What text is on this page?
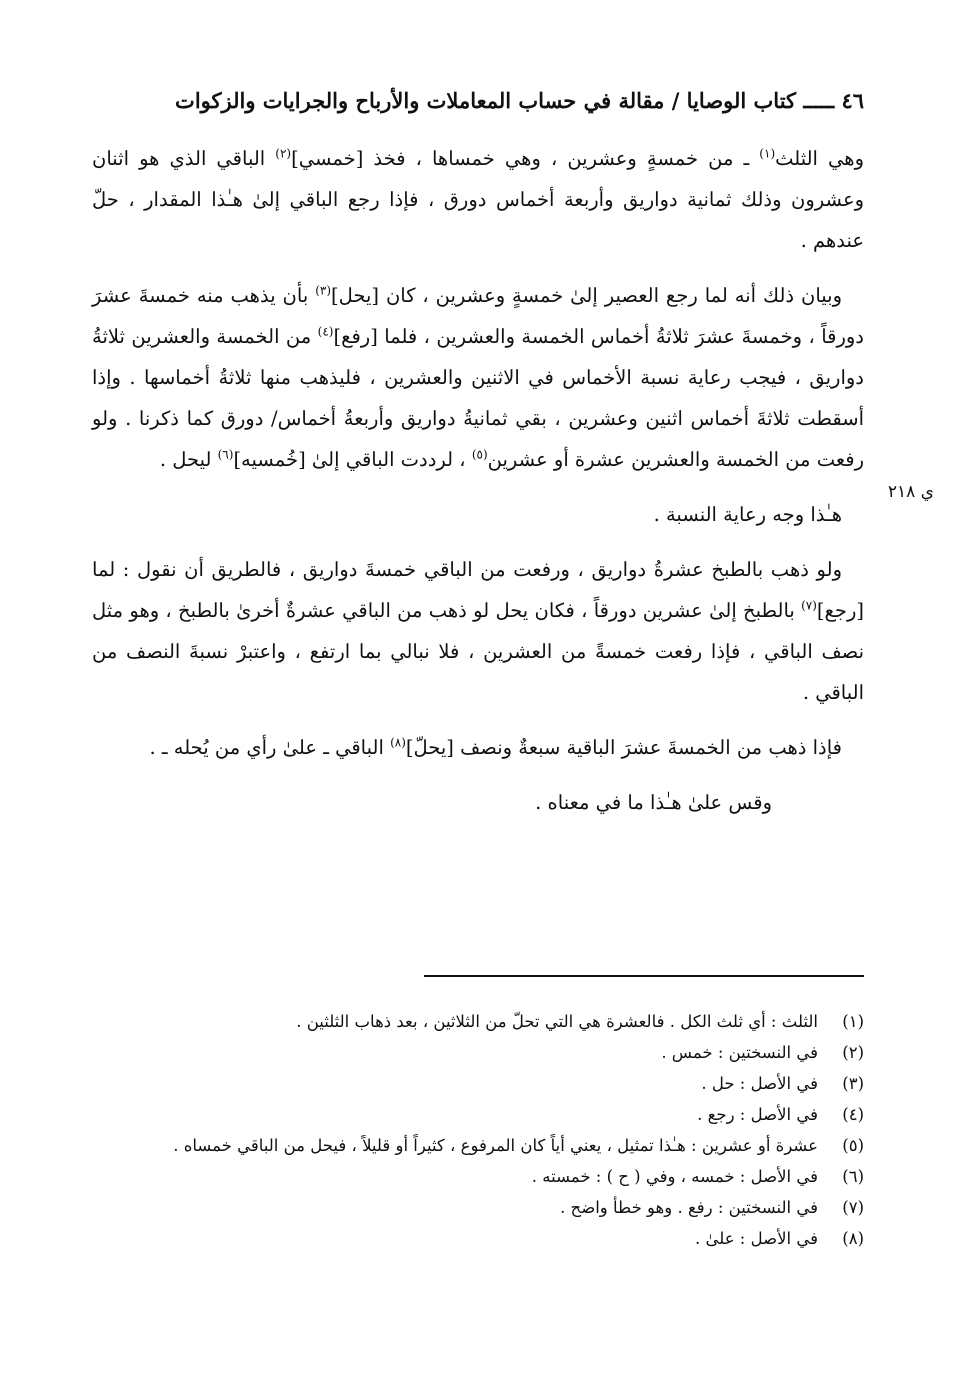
٤٦ ـــــ كتاب الوصايا / مقالة في حساب المعاملات والأرباح والجرايات والزكوات

وهي الثلث$^{(١)}$ ـ من خمسةٍ وعشرين ، وهي خمساها ، فخذ [خمسي]$^{(٢)}$ الباقي الذي هو اثنان وعشرون وذلك ثمانية دواريق وأربعة أخماس دورق ، فإذا رجع الباقي إلىٰ هـٰذا المقدار ، حلّ عندهم .

وبيان ذلك أنه لما رجع العصير إلىٰ خمسةٍ وعشرين ، كان [يحل]$^{(٣)}$ بأن يذهب منه خمسةَ عشرَ دورقاً ، وخمسةَ عشرَ ثلاثةُ أخماس الخمسة والعشرين ، فلما [رفع]$^{(٤)}$ من الخمسة والعشرين ثلاثةُ دواريق ، فيجب رعاية نسبة الأخماس في الاثنين والعشرين ، فليذهب منها ثلاثةُ أخماسها . وإذا أسقطت ثلاثةَ أخماس اثنين وعشرين ، بقي ثمانيةُ دواريق وأربعةُ أخماس/ دورق كما ذكرنا . ولو رفعت من الخمسة والعشرين عشرة أو عشرين$^{(٥)}$ ، لرددت الباقي إلىٰ [خُمسيه]$^{(٦)}$ ليحل .

هـٰذا وجه رعاية النسبة .

ولو ذهب بالطبخ عشرةُ دواريق ، ورفعت من الباقي خمسةَ دواريق ، فالطريق أن نقول : لما [رجع]$^{(٧)}$ بالطبخ إلىٰ عشرين دورقاً ، فكان يحل لو ذهب من الباقي عشرةٌ أخرىٰ بالطبخ ، وهو مثل نصف الباقي ، فإذا رفعت خمسةً من العشرين ، فلا نبالي بما ارتفع ، واعتبرْ نسبةَ النصف من الباقي .

فإذا ذهب من الخمسةَ عشرَ الباقية سبعةٌ ونصف [يحلّ]$^{(٨)}$ الباقي ـ علىٰ رأي من يُحله ـ .

وقس علىٰ هـٰذا ما في معناه .

ي ٢١٨
(١)
الثلث : أي ثلث الكل . فالعشرة هي التي تحلّ من الثلاثين ، بعد ذهاب الثلثين .
(٢)
في النسختين : خمس .
(٣)
في الأصل : حل .
(٤)
في الأصل : رجع .
(٥)
عشرة أو عشرين : هـٰذا تمثيل ، يعني أياً كان المرفوع ، كثيراً أو قليلاً ، فيحل من الباقي خمساه .
(٦)
في الأصل : خمسه ، وفي ( ح ) : خمسته .
(٧)
في النسختين : رفع . وهو خطأ واضح .
(٨)
في الأصل : علىٰ .
